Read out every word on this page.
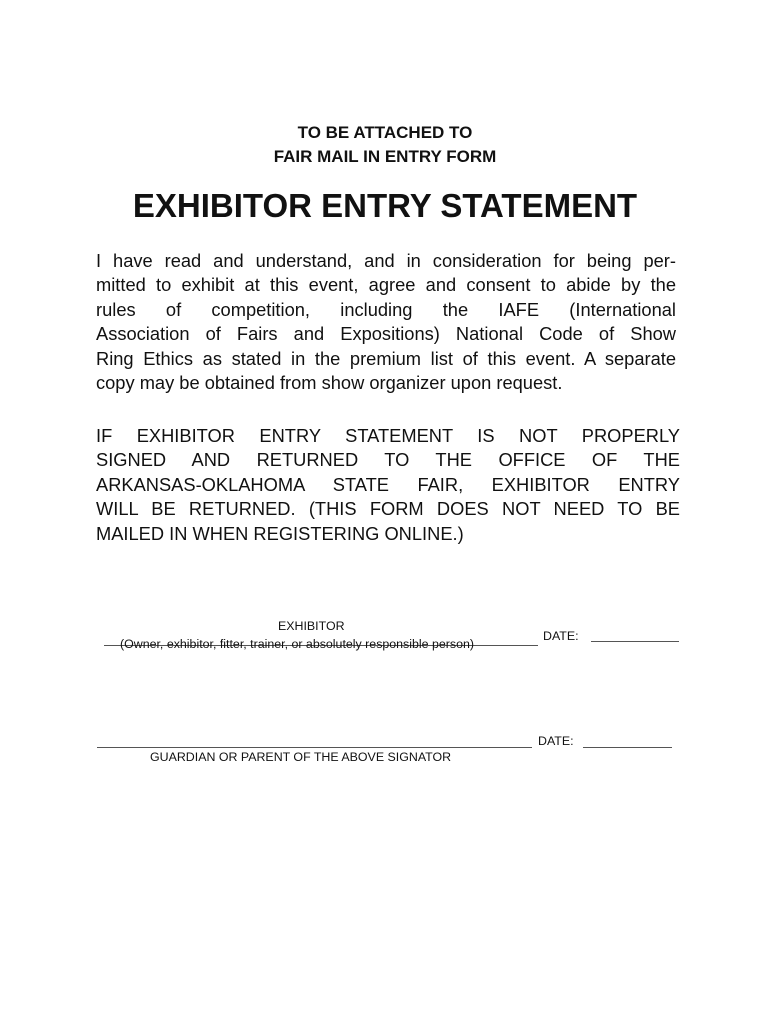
TO BE ATTACHED TO
FAIR MAIL IN ENTRY FORM
EXHIBITOR ENTRY STATEMENT
I have read and understand, and in consideration for being per-
mitted to exhibit at this event, agree and consent to abide by the
rules of competition, including the IAFE (International
Association of Fairs and Expositions) National Code of Show
Ring Ethics as stated in the premium list of this event. A separate
copy may be obtained from show organizer upon request.
IF EXHIBITOR ENTRY STATEMENT IS NOT PROPERLY
SIGNED AND RETURNED TO THE OFFICE OF THE
ARKANSAS-OKLAHOMA STATE FAIR, EXHIBITOR ENTRY
WILL BE RETURNED. (THIS FORM DOES NOT NEED TO BE
MAILED IN WHEN REGISTERING ONLINE.)
EXHIBITOR
(Owner, exhibitor, fitter, trainer, or absolutely responsible person)
DATE:
DATE:
GUARDIAN OR PARENT OF THE ABOVE SIGNATOR
